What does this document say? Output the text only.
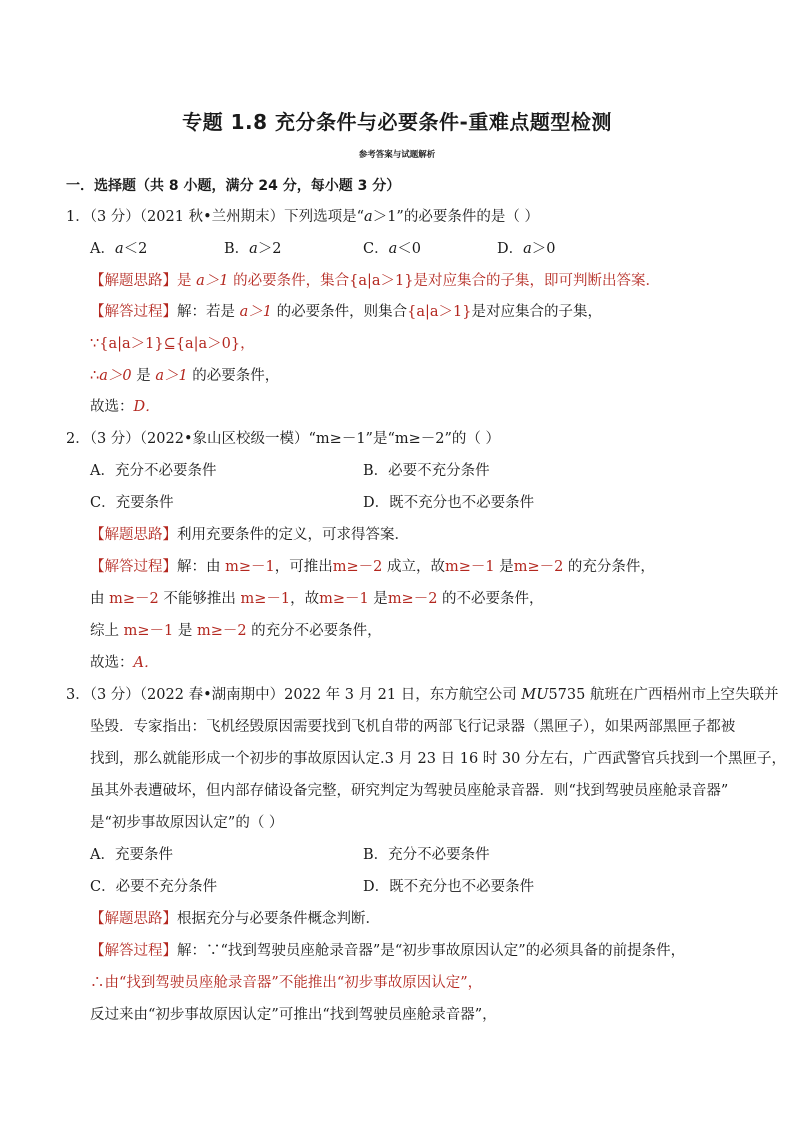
专题 1.8 充分条件与必要条件-重难点题型检测
参考答案与试题解析
一．选择题（共 8 小题，满分 24 分，每小题 3 分）
1．（3 分）（2021 秋•兰州期末）下列选项是“a＞1”的必要条件的是（ ）
A．a＜2	B．a＞2	C．a＜0	D．a＞0
【解题思路】是 a＞1 的必要条件，集合{a|a＞1}是对应集合的子集，即可判断出答案．
【解答过程】解：若是 a＞1 的必要条件，则集合{a|a＞1}是对应集合的子集，
∵{a|a＞1}⊆{a|a＞0}，
∴a＞0 是 a＞1 的必要条件，
故选：D．
2．（3 分）（2022•象山区校级一模）“m≥－1”是“m≥－2”的（ ）
A．充分不必要条件	B．必要不充分条件
C．充要条件	D．既不充分也不必要条件
【解题思路】利用充要条件的定义，可求得答案．
【解答过程】解：由 m≥－1，可推出m≥－2 成立，故m≥－1 是m≥－2 的充分条件，
由 m≥－2 不能够推出 m≥－1，故m≥－1 是m≥－2 的不必要条件，
综上 m≥－1 是 m≥－2 的充分不必要条件，
故选：A．
3．（3 分）（2022 春•湖南期中）2022 年 3 月 21 日，东方航空公司 MU5735 航班在广西梧州市上空失联并
坠毁．专家指出：飞机经毁原因需要找到飞机自带的两部飞行记录器（黑匣子），如果两部黑匣子都被
找到，那么就能形成一个初步的事故原因认定.3 月 23 日 16 时 30 分左右，广西武警官兵找到一个黑匣子，
虽其外表遭破坏，但内部存储设备完整，研究判定为驾驶员座舱录音器．则“找到驾驶员座舱录音器”
是“初步事故原因认定”的（ ）
A．充要条件	B．充分不必要条件
C．必要不充分条件	D．既不充分也不必要条件
【解题思路】根据充分与必要条件概念判断．
【解答过程】解：∵“找到驾驶员座舱录音器”是“初步事故原因认定”的必须具备的前提条件，
∴由“找到驾驶员座舱录音器”不能推出“初步事故原因认定”，
反过来由“初步事故原因认定”可推出“找到驾驶员座舱录音器”，
